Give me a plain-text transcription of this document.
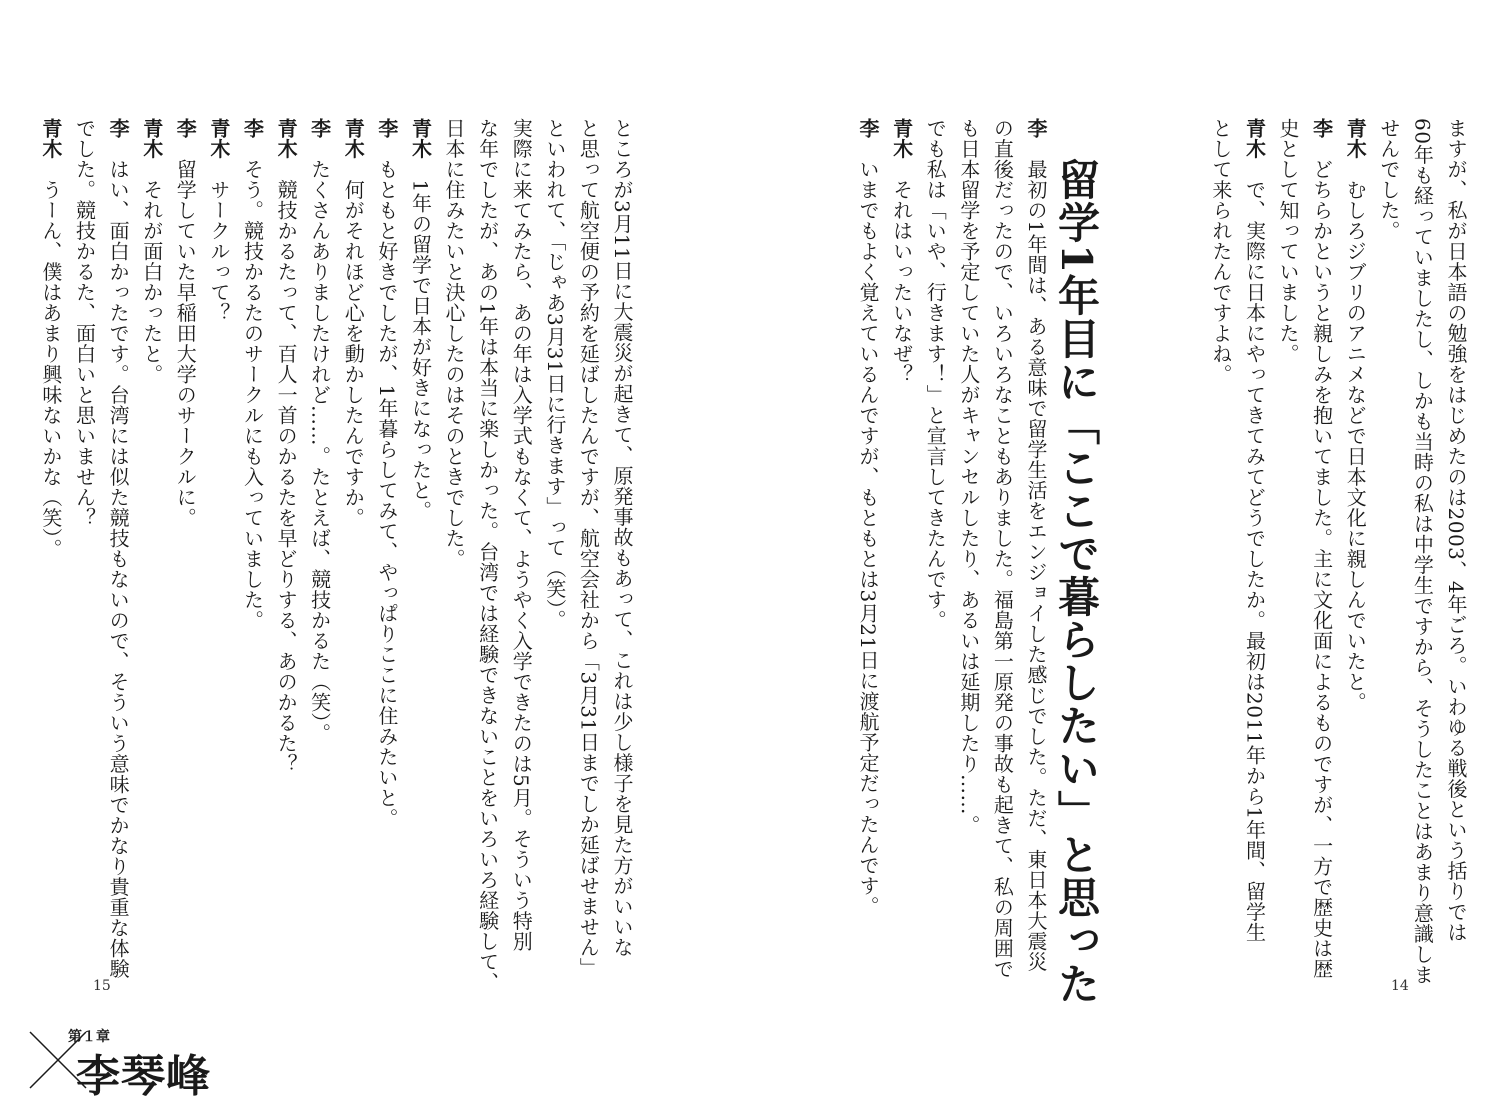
ますが、私が日本語の勉強をはじめたのは2003、4年ごろ。いわゆる戦後という括りでは
60年も経っていましたし、しかも当時の私は中学生ですから、そうしたことはあまり意識しま
せんでした。
青木　むしろジブリのアニメなどで日本文化に親しんでいたと。
李　どちらかというと親しみを抱いてました。主に文化面によるものですが、一方で歴史は歴
史として知っていました。
青木　で、実際に日本にやってきてみてどうでしたか。最初は2011年から1年間、留学生
として来られたんですよね。
留学1年目に「ここで暮らしたい」と思った
李　最初の1年間は、ある意味で留学生活をエンジョイした感じでした。ただ、東日本大震災
の直後だったので、いろいろなこともありました。福島第一原発の事故も起きて、私の周囲で
も日本留学を予定していた人がキャンセルしたり、あるいは延期したり……。
でも私は「いや、行きます！」と宣言してきたんです。
青木　それはいったいなぜ？
李　いまでもよく覚えているんですが、もともとは3月21日に渡航予定だったんです。
14
ところが3月11日に大震災が起きて、原発事故もあって、これは少し様子を見た方がいいな
と思って航空便の予約を延ばしたんですが、航空会社から「3月31日までしか延ばせません」
といわれて、「じゃあ3月31日に行きます」って（笑）。
実際に来てみたら、あの年は入学式もなくて、ようやく入学できたのは5月。そういう特別
な年でしたが、あの1年は本当に楽しかった。台湾では経験できないことをいろいろ経験して、
日本に住みたいと決心したのはそのときでした。
青木　1年の留学で日本が好きになったと。
李　もともと好きでしたが、1年暮らしてみて、やっぱりここに住みたいと。
青木　何がそれほど心を動かしたんですか。
李　たくさんありましたけれど……。たとえば、競技かるた（笑）。
青木　競技かるたって、百人一首のかるたを早どりする、あのかるた？
李　そう。競技かるたのサークルにも入っていました。
青木　サークルって？
李　留学していた早稲田大学のサークルに。
青木　それが面白かったと。
李　はい、面白かったです。台湾には似た競技もないので、そういう意味でかなり貴重な体験
でした。競技かるた、面白いと思いません？
青木　うーん、僕はあまり興味ないかな（笑）。
15
第１章
李琴峰
